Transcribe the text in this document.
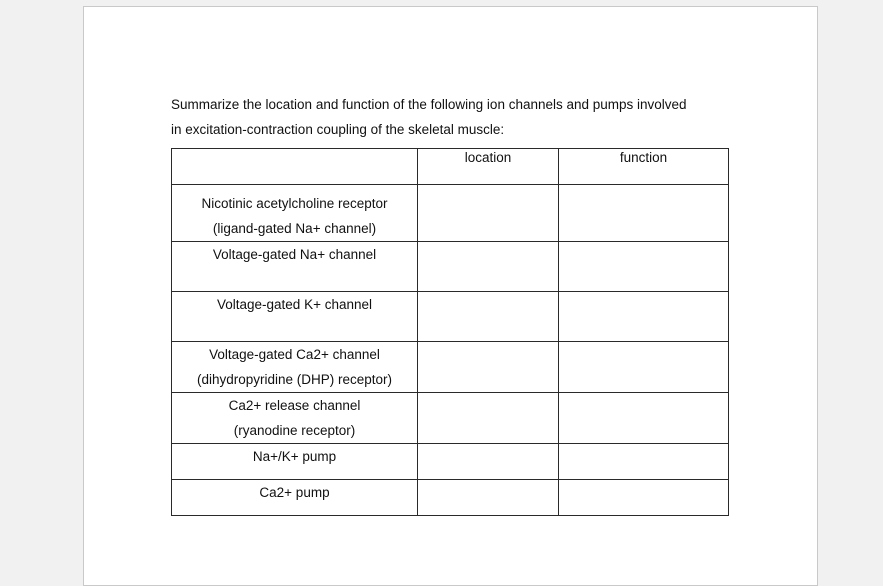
Summarize the location and function of the following ion channels and pumps involved
in excitation-contraction coupling of the skeletal muscle:

	location	function

Nicotinic acetylcholine receptor
(ligand-gated Na+ channel)		

Voltage-gated Na+ channel		

Voltage-gated K+ channel		

Voltage-gated Ca2+ channel
(dihydropyridine (DHP) receptor)		

Ca2+ release channel
(ryanodine receptor)		

Na+/K+ pump		

Ca2+ pump		
